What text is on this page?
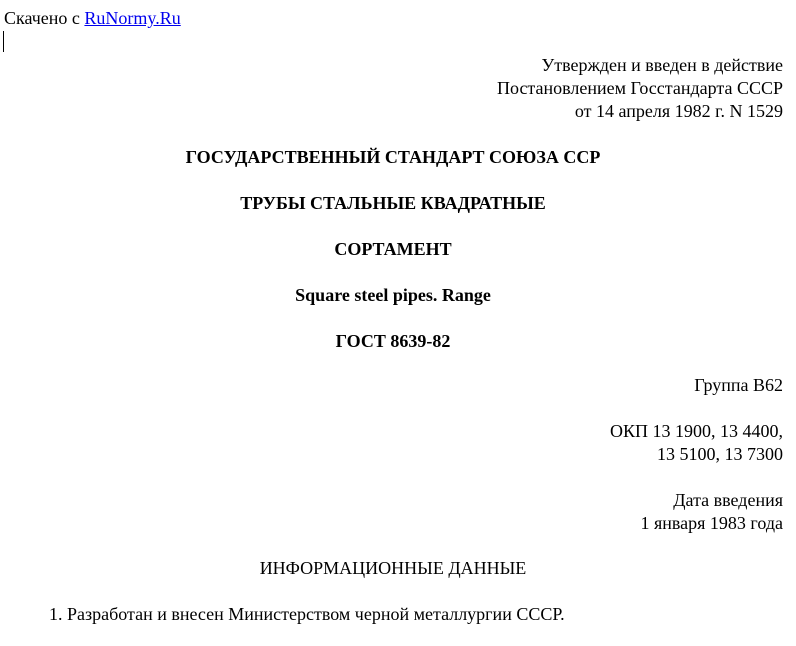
Скачено с RuNormy.Ru
Утвержден и введен в действие
Постановлением Госстандарта СССР
от 14 апреля 1982 г. N 1529
ГОСУДАРСТВЕННЫЙ СТАНДАРТ СОЮЗА ССР
ТРУБЫ СТАЛЬНЫЕ КВАДРАТНЫЕ
СОРТАМЕНТ
Square steel pipes. Range
ГОСТ 8639-82
Группа В62
ОКП 13 1900, 13 4400,
13 5100, 13 7300
Дата введения
1 января 1983 года
ИНФОРМАЦИОННЫЕ ДАННЫЕ
1. Разработан и внесен Министерством черной металлургии СССР.
